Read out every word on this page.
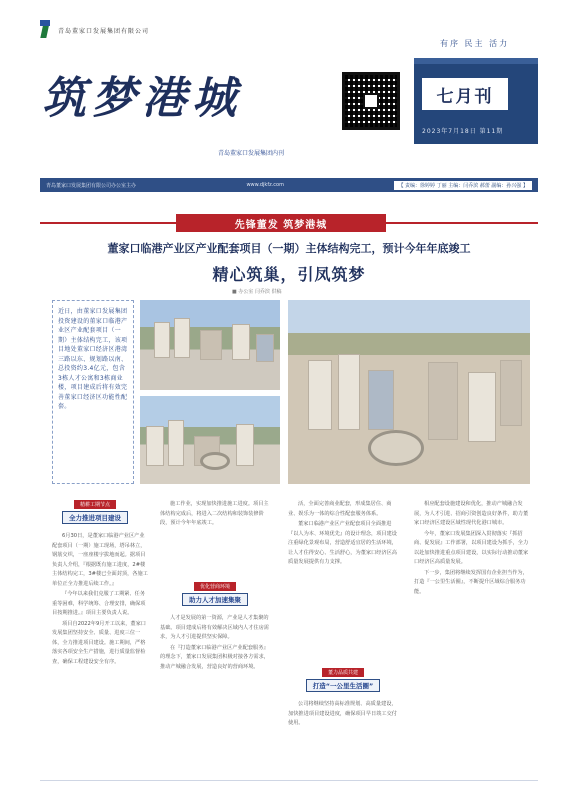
青岛董家口发展集团有限公司
筑梦港城
青岛董家口发展集团内刊
有序 民主 活力
七月刊
2023年7月18日 第11期
青岛董家口发展集团有限公司办公室主办	www.djkfz.com	【 责编：徐婷婷 丁丽 主编：闫乔滨 郝蕾 副编：孙兴强 】
先锋董发 筑梦港城
董家口临港产业区产业配套项目（一期）主体结构完工，预计今年年底竣工
精心筑巢，引凤筑梦
■ 办公室 闫乔滨 供稿
近日，由董家口发展集团投资建设的董家口临港产业区产业配套项目（一期）主体结构完工，该项目地处董家口经济区港湾三路以东、规划路以南、总投资约3.4亿元，包含3栋人才公寓和3栋商业楼，项目建成后将有效完善董家口经济区功能性配套。
精耕工期节点
全力推进项目建设
优化营商环境
助力人才加速集聚
董力品质共建
打造“一公里生活圈”

6月30日，是董家口临港产业区产业配套项目（一期）施工现场，塔吊林立，钢筋交织，一座座楼宇拔地而起。据项目负责人介绍，『根据既有施工进度，2#楼主体结构完工，3#楼已全面封顶，各施工单位正全力推进后续工作。』

『今年以来我们克服了工期紧、任务重等困难，科学统筹、合理安排，确保项目按期推进。』项目主要负责人说。

项目自2022年9月开工以来，董家口发展集团坚持安全、质量、进度三位一体，全力推进项目建设。施工期间，严格落实各项安全生产措施，进行质量监督检查，确保工程建设安全有序。

施工作业，实现加快推进施工进度。项目主体结构完成后，将进入二次结构和装饰装修阶段，预计今年年底竣工。

人才是发展的第一资源，产业是人才集聚的基础。项目建成后将有效解决区域内人才住房需求，为人才引进提供坚实保障。

在『打造董家口临港产业区产业配套服务』的理念下，董家口发展集团积极对接各方需求，推动产城融合发展，营造良好的营商环境。

活，全面完善商业配套，形成集居住、商业、娱乐为一体的综合性配套服务体系。

董家口临港产业区产业配套项目全面推进『以人为本、环境优先』的设计理念，项目建设注重绿化景观布局，营造舒适宜居的生活环境，让人才住得安心、生活舒心，为董家口经济区高质量发展提供有力支撑。

公司将继续坚持高标准规划、高质量建设，加快推进项目建设进度，确保项目早日竣工交付使用。

相应配套设施建设和优化，推动产城融合发展，为人才引进、招商引资创造良好条件，助力董家口经济区建设区域性现代化港口城市。

今年，董家口发展集团深入贯彻落实『抓招商、促发展』工作部署，以项目建设为抓手，全力以赴加快推进重点项目建设，以实际行动推动董家口经济区高质量发展。

下一步，集团将继续发挥国有企业担当作为，打造『一公里生活圈』，不断提升区域综合服务功能。
